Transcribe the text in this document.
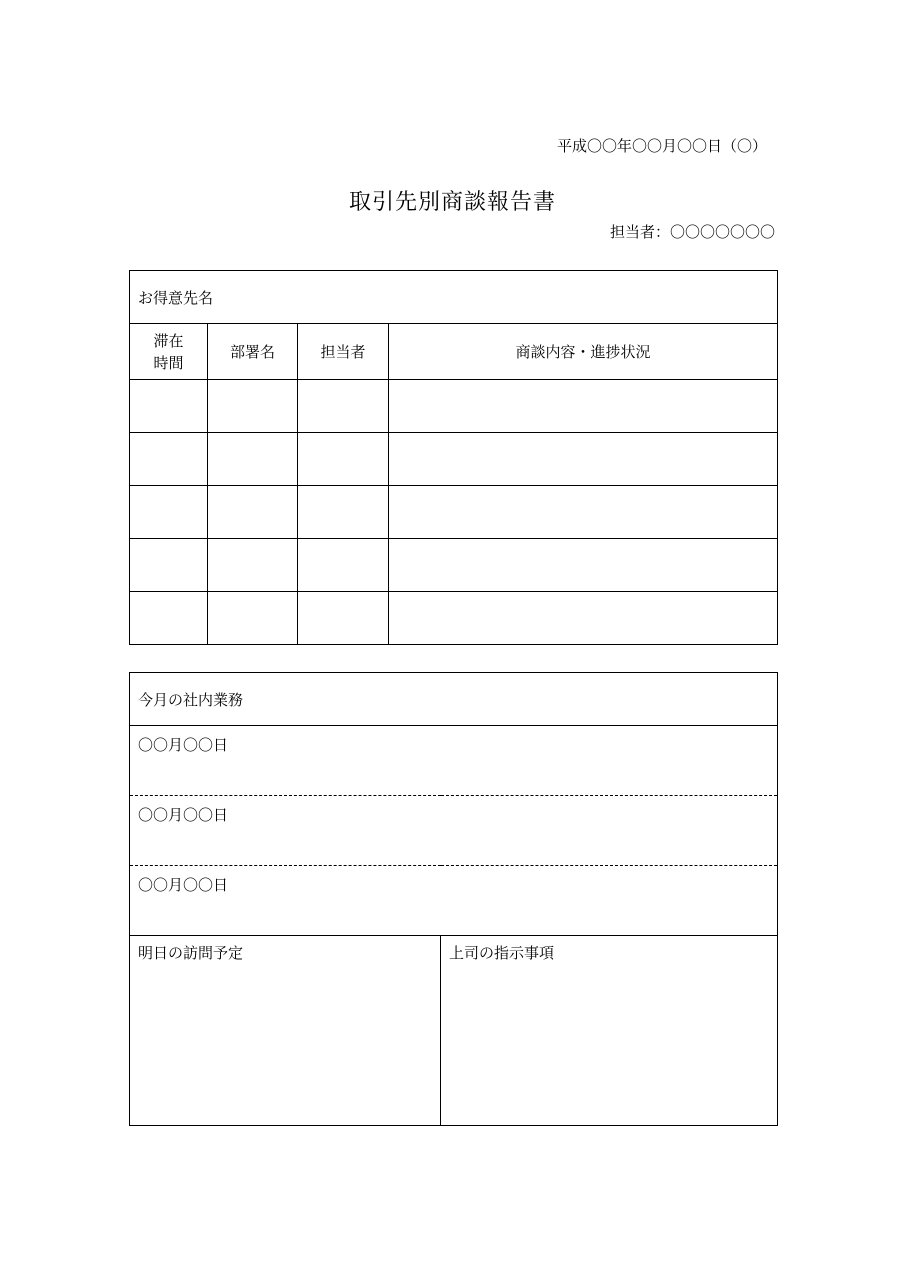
平成〇〇年〇〇月〇〇日（〇）
取引先別商談報告書
担当者：〇〇〇〇〇〇〇
お得意先名			
滞在
時間	部署名	担当者	商談内容・進捗状況

今月の社内業務
〇〇月〇〇日
〇〇月〇〇日
〇〇月〇〇日
明日の訪問予定	上司の指示事項
